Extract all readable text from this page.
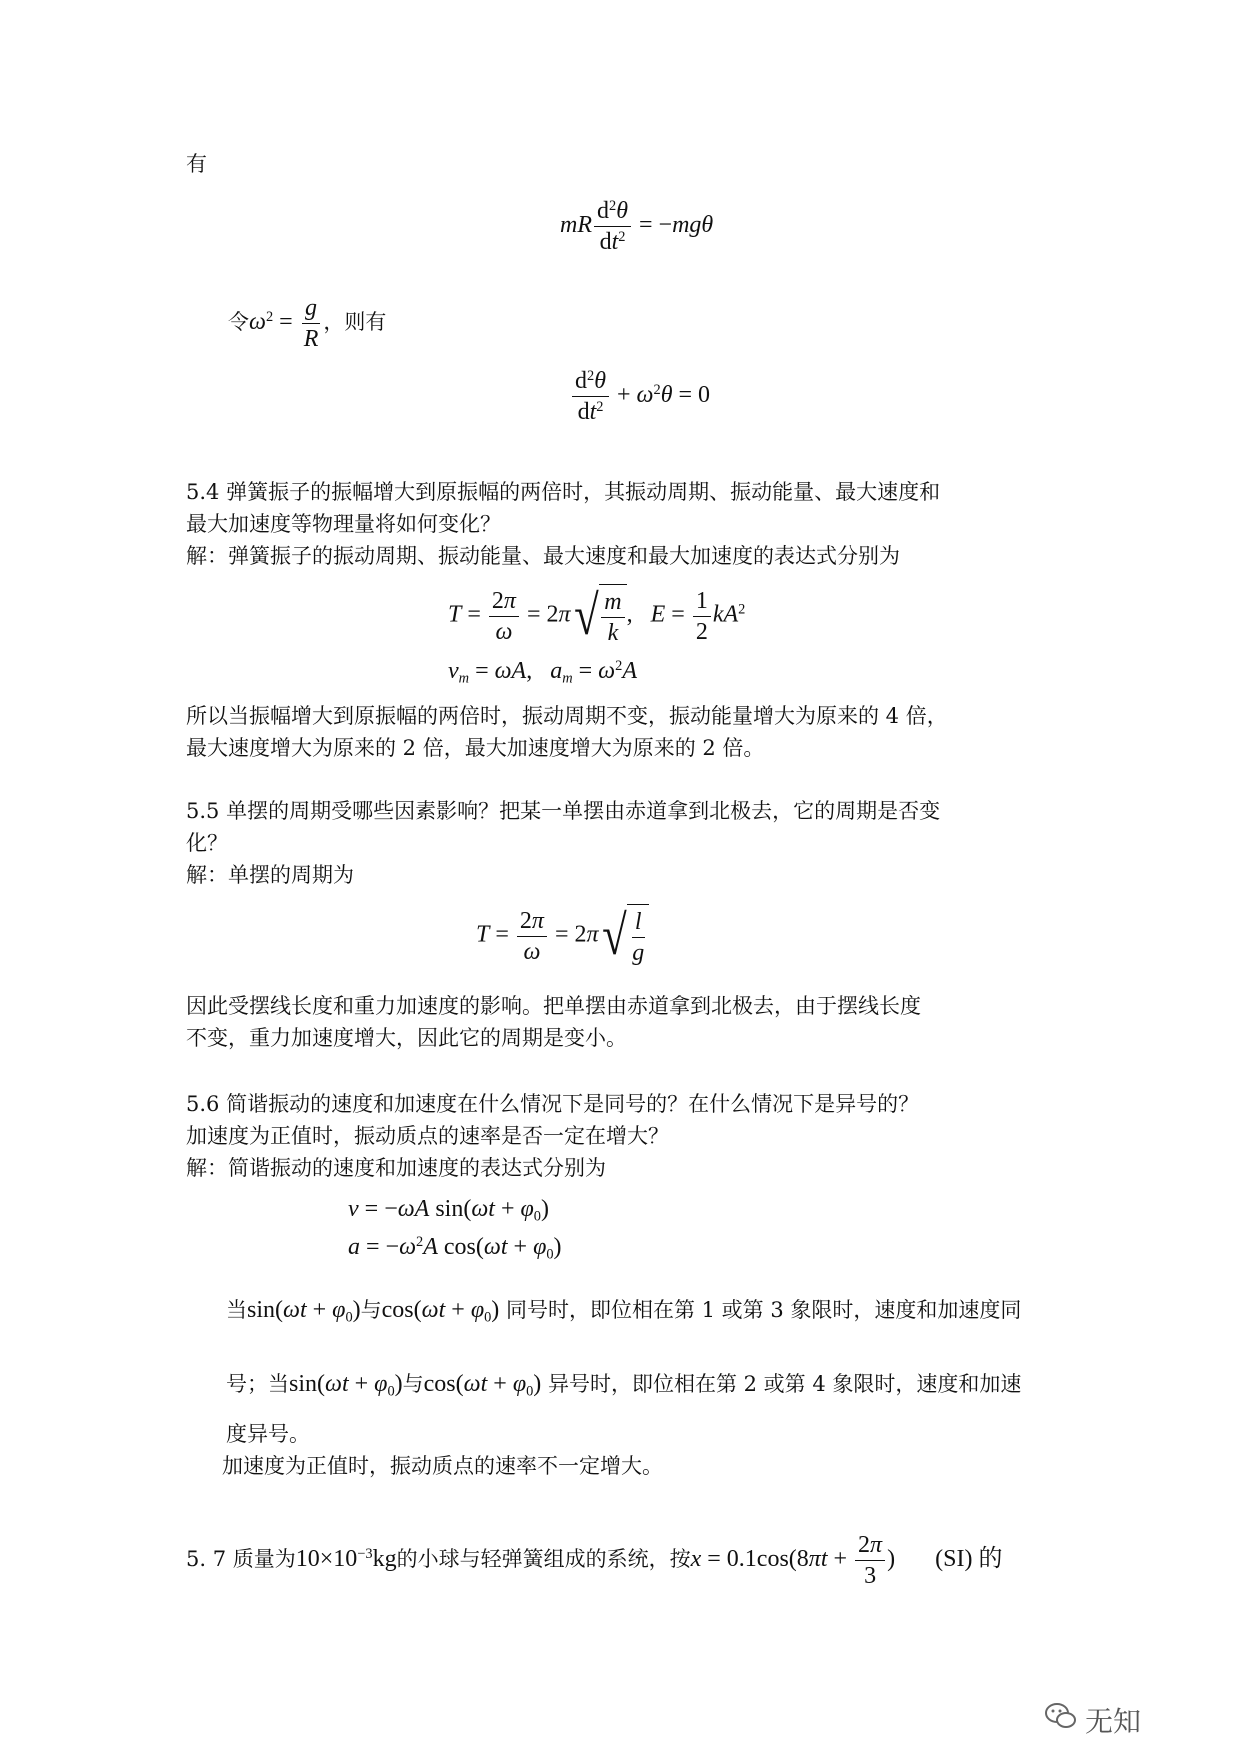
有
mR $\frac{d^2\theta}{dt^2} = -mg\theta$
令$\omega^2 = \frac{g}{R}$ ，则有
$\frac{d^2\theta}{dt^2} + \omega^2\theta = 0$
5.4 弹簧振子的振幅增大到原振幅的两倍时，其振动周期、振动能量、最大速度和
最大加速度等物理量将如何变化？
解：弹簧振子的振动周期、振动能量、最大速度和最大加速度的表达式分别为
$T = \frac{2\pi}{\omega} = 2\pi$ √ $\frac{m}{k}$ ,   $E = \frac{1}{2} kA^2$
$v_m = \omega A$,   $a_m = \omega^2A$
所以当振幅增大到原振幅的两倍时，振动周期不变，振动能量增大为原来的 4 倍，
最大速度增大为原来的 2 倍，最大加速度增大为原来的 2 倍。
5.5 单摆的周期受哪些因素影响？把某一单摆由赤道拿到北极去，它的周期是否变
化？
解：单摆的周期为
$T = \frac{2\pi}{\omega} = 2\pi$ √ $\frac{l}{g}$
因此受摆线长度和重力加速度的影响。把单摆由赤道拿到北极去，由于摆线长度
不变，重力加速度增大，因此它的周期是变小。
5.6 简谐振动的速度和加速度在什么情况下是同号的？在什么情况下是异号的？
加速度为正值时，振动质点的速率是否一定在增大？
解：简谐振动的速度和加速度的表达式分别为
v = −ωA $\sin(\omega t + \varphi_0)$
$a = -\omega^2A$ $\cos(\omega t + \varphi_0)$
当$\sin(\omega t + \varphi_0)$与$\cos(\omega t + \varphi_0)$ 同号时，即位相在第 1 或第 3 象限时，速度和加速度同
号；当$\sin(\omega t + \varphi_0)$与$\cos(\omega t + \varphi_0)$ 异号时，即位相在第 2 或第 4 象限时，速度和加速
度异号。
加速度为正值时，振动质点的速率不一定增大。
5. 7 质量为$10\times 10^{-3}kg$的小球与轻弹簧组成的系统，按$x = 0.1\cos(8\pi t + \frac{2\pi}{3}$ ) (SI) 的
无知
